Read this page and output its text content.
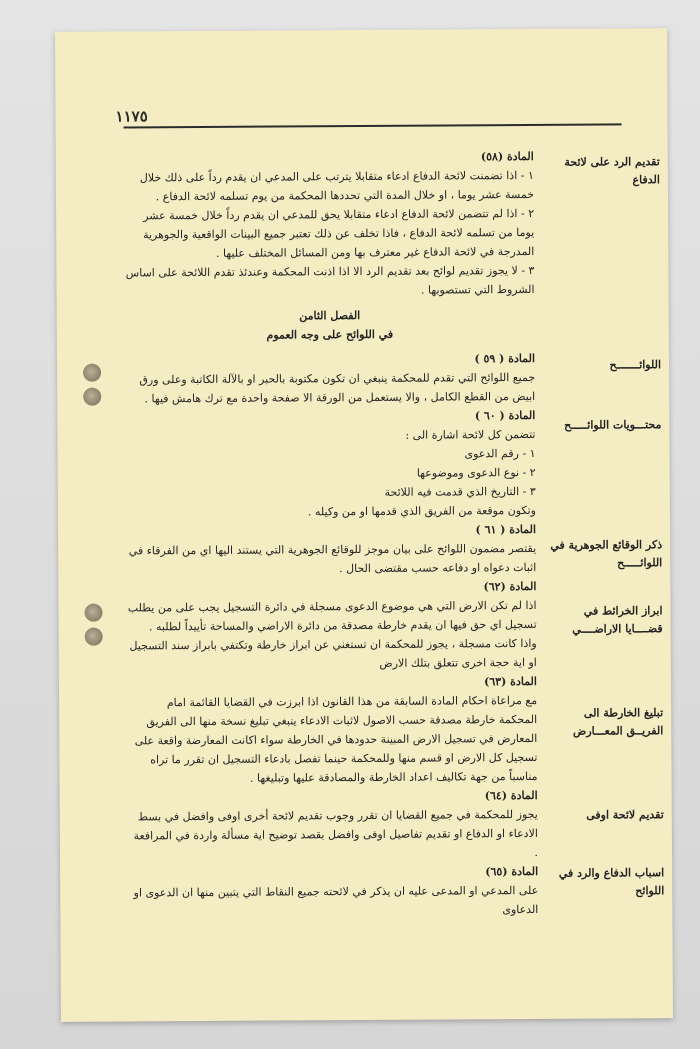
١١٧٥
تقديم الرد على لائحة الدفاع
اللوائـــــــح
محتـــويات اللوائـــــح
ذكر الوقائع الجوهرية في اللوائـــــح
ابراز الخرائط في قضــــايا الاراضــــي
تبليغ الخارطة الى الفريــق المعـــارض
تقديم لائحة اوفى
اسباب الدفاع والرد في اللوائح

المادة (٥٨)

١ - اذا تضمنت لائحة الدفاع ادعاء متقابلا يترتب على المدعي ان يقدم رداً على ذلك خلال خمسة عشر يوما ، او خلال المدة التي تحددها المحكمة من يوم تسلمه لائحة الدفاع .

٢ - اذا لم تتضمن لائحة الدفاع ادعاء متقابلا يحق للمدعي ان يقدم رداً خلال خمسة عشر يوما من تسلمه لائحة الدفاع ، فاذا تخلف عن ذلك تعتبر جميع البينات الواقعية والجوهرية المدرجة في لائحة الدفاع غير معترف بها ومن المسائل المختلف عليها .

٣ - لا يجوز تقديم لوائح بعد تقديم الرد الا اذا اذنت المحكمة وعندئذ تقدم اللائحة على اساس الشروط التي تستصوبها .

الفصل الثامن

في اللوائح على وجه العموم

المادة ( ٥٩ )

جميع اللوائح التي تقدم للمحكمة ينبغي ان تكون مكتوبة بالحبر او بالآلة الكاتبة وعلى ورق ابيض من القطع الكامل ، والا يستعمل من الورقة الا صفحة واحدة مع ترك هامش فيها .

المادة ( ٦٠ )

تتضمن كل لائحة اشارة الى :

١ - رقم الدعوى

٢ - نوع الدعوى وموضوعها

٣ - التاريخ الذي قدمت فيه اللائحة

وتكون موقعة من الفريق الذي قدمها او من وكيله .

المادة ( ٦١ )

يقتصر مضمون اللوائح على بيان موجز للوقائع الجوهرية التي يستند اليها اي من الفرقاء في اثبات دعواه او دفاعه حسب مقتضى الحال .

المادة (٦٢)

اذا لم تكن الارض التي هي موضوع الدعوى مسجلة في دائرة التسجيل يجب على من يطلب تسجيل اي حق فيها ان يقدم خارطة مصدقة من دائرة الاراضي والمساحة تأييداً لطلبه .

واذا كانت مسجلة ، يجوز للمحكمة ان تستغني عن ابراز خارطة وتكتفي بابراز سند التسجيل او اية حجة اخرى تتعلق بتلك الارض

المادة (٦٣)

مع مراعاة احكام المادة السابقة من هذا القانون اذا ابرزت في القضايا القائمة امام المحكمة خارطة مصدقة حسب الاصول لاثبات الادعاء ينبغي تبليغ نسخة منها الى الفريق المعارض في تسجيل الارض المبينة حدودها في الخارطة سواء اكانت المعارضة واقعة على تسجيل كل الارض او قسم منها وللمحكمة حينما تفصل بادعاء التسجيل ان تقرر ما تراه مناسباً من جهة تكاليف اعداد الخارطة والمصادقة عليها وتبليغها .

المادة (٦٤)

يجوز للمحكمة في جميع القضايا ان تقرر وجوب تقديم لائحة أخرى اوفى وافضل في بسط الادعاء او الدفاع او تقديم تفاصيل اوفى وافضل بقصد توضيح اية مسألة واردة في المرافعة .

المادة (٦٥)

على المدعي او المدعى عليه ان يذكر في لائحته جميع النقاط التي يتبين منها ان الدعوى او الدعاوى
